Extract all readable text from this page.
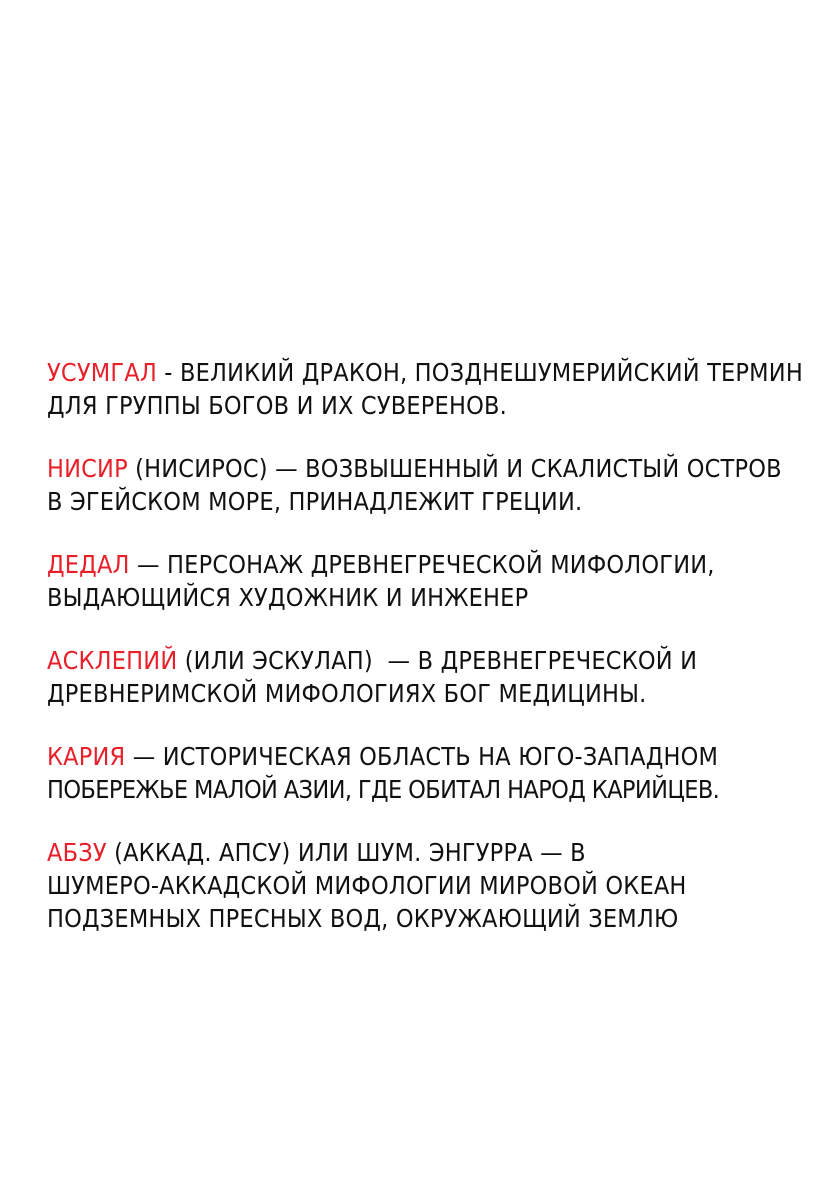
УСУМГАЛ - ВЕЛИКИЙ ДРАКОН, ПОЗДНЕШУМЕРИЙСКИЙ ТЕРМИН
ДЛЯ ГРУППЫ БОГОВ И ИХ СУВЕРЕНОВ.

НИСИР (НИСИРОС) — ВОЗВЫШЕННЫЙ И СКАЛИСТЫЙ ОСТРОВ
В ЭГЕЙСКОМ МОРЕ, ПРИНАДЛЕЖИТ ГРЕЦИИ.

ДЕДАЛ — ПЕРСОНАЖ ДРЕВНЕГРЕЧЕСКОЙ МИФОЛОГИИ,
ВЫДАЮЩИЙСЯ ХУДОЖНИК И ИНЖЕНЕР

АСКЛЕПИЙ (ИЛИ ЭСКУЛАП)  — В ДРЕВНЕГРЕЧЕСКОЙ И
ДРЕВНЕРИМСКОЙ МИФОЛОГИЯХ БОГ МЕДИЦИНЫ.

КАРИЯ — ИСТОРИЧЕСКАЯ ОБЛАСТЬ НА ЮГО-ЗАПАДНОМ
ПОБЕРЕЖЬЕ МАЛОЙ АЗИИ, ГДЕ ОБИТАЛ НАРОД КАРИЙЦЕВ.

АБЗУ (АККАД. АПСУ) ИЛИ ШУМ. ЭНГУРРА — В
ШУМЕРО-АККАДСКОЙ МИФОЛОГИИ МИРОВОЙ ОКЕАН
ПОДЗЕМНЫХ ПРЕСНЫХ ВОД, ОКРУЖАЮЩИЙ ЗЕМЛЮ
